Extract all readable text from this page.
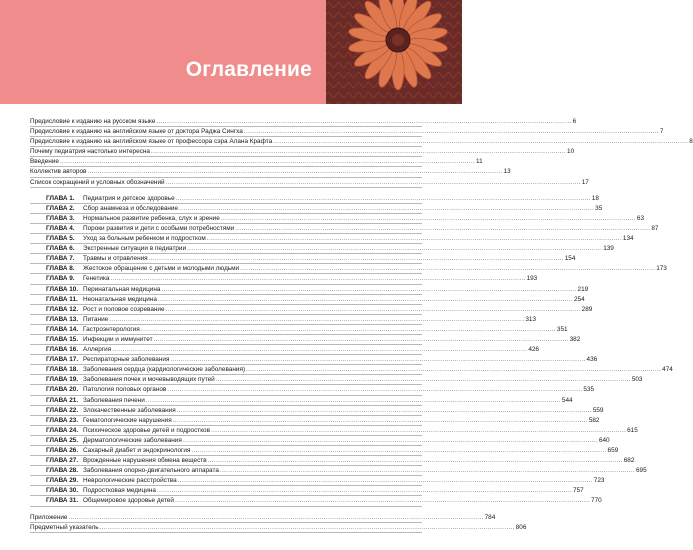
Оглавление
Предисловие к изданию на русском языке ........................................................................................................................................................................................................ 6
Предисловие к изданию на английском языке от доктора Раджа Сингха ........................................................................................................................................................................................................ 7
Предисловие к изданию на английском языке от профессора сэра Алана Крафта ........................................................................................................................................................................................................ 8
Почему педиатрия настолько интересна ........................................................................................................................................................................................................ 10
Введение ........................................................................................................................................................................................................ 11
Коллектив авторов ........................................................................................................................................................................................................ 13
Список сокращений и условных обозначений ........................................................................................................................................................................................................ 17
ГЛАВА 1. Педиатрия и детское здоровье ........................................................................................................................................................................................................ 18
ГЛАВА 2. Сбор анамнеза и обследование ........................................................................................................................................................................................................ 35
ГЛАВА 3. Нормальное развитие ребенка, слух и зрение ........................................................................................................................................................................................................ 63
ГЛАВА 4. Пороки развития и дети с особыми потребностями ........................................................................................................................................................................................................ 87
ГЛАВА 5. Уход за больным ребенком и подростком ........................................................................................................................................................................................................ 134
ГЛАВА 6. Экстренные ситуации в педиатрии ........................................................................................................................................................................................................ 139
ГЛАВА 7. Травмы и отравления ........................................................................................................................................................................................................ 154
ГЛАВА 8. Жестокое обращение с детьми и молодыми людьми ........................................................................................................................................................................................................ 173
ГЛАВА 9. Генетика ........................................................................................................................................................................................................ 193
ГЛАВА 10. Перинатальная медицина ........................................................................................................................................................................................................ 219
ГЛАВА 11. Неонатальная медицина ........................................................................................................................................................................................................ 254
ГЛАВА 12. Рост и половое созревание ........................................................................................................................................................................................................ 289
ГЛАВА 13. Питание ........................................................................................................................................................................................................ 313
ГЛАВА 14. Гастроэнтерология ........................................................................................................................................................................................................ 351
ГЛАВА 15. Инфекции и иммунитет ........................................................................................................................................................................................................ 382
ГЛАВА 16. Аллергия ........................................................................................................................................................................................................ 426
ГЛАВА 17. Респираторные заболевания ........................................................................................................................................................................................................ 436
ГЛАВА 18. Заболевания сердца (кардиологические заболевания) ........................................................................................................................................................................................................ 474
ГЛАВА 19. Заболевания почек и мочевыводящих путей ........................................................................................................................................................................................................ 503
ГЛАВА 20. Патология половых органов ........................................................................................................................................................................................................ 535
ГЛАВА 21. Заболевания печени ........................................................................................................................................................................................................ 544
ГЛАВА 22. Злокачественные заболевания ........................................................................................................................................................................................................ 559
ГЛАВА 23. Гематологические нарушения ........................................................................................................................................................................................................ 582
ГЛАВА 24. Психическое здоровье детей и подростков ........................................................................................................................................................................................................ 615
ГЛАВА 25. Дерматологические заболевания ........................................................................................................................................................................................................ 640
ГЛАВА 26. Сахарный диабет и эндокринология ........................................................................................................................................................................................................ 659
ГЛАВА 27. Врожденные нарушения обмена веществ ........................................................................................................................................................................................................ 682
ГЛАВА 28. Заболевания опорно-двигательного аппарата ........................................................................................................................................................................................................ 695
ГЛАВА 29. Неврологические расстройства ........................................................................................................................................................................................................ 723
ГЛАВА 30. Подростковая медицина ........................................................................................................................................................................................................ 757
ГЛАВА 31. Общемировое здоровье детей ........................................................................................................................................................................................................ 770
Приложение ........................................................................................................................................................................................................ 784
Предметный указатель ........................................................................................................................................................................................................ 806
